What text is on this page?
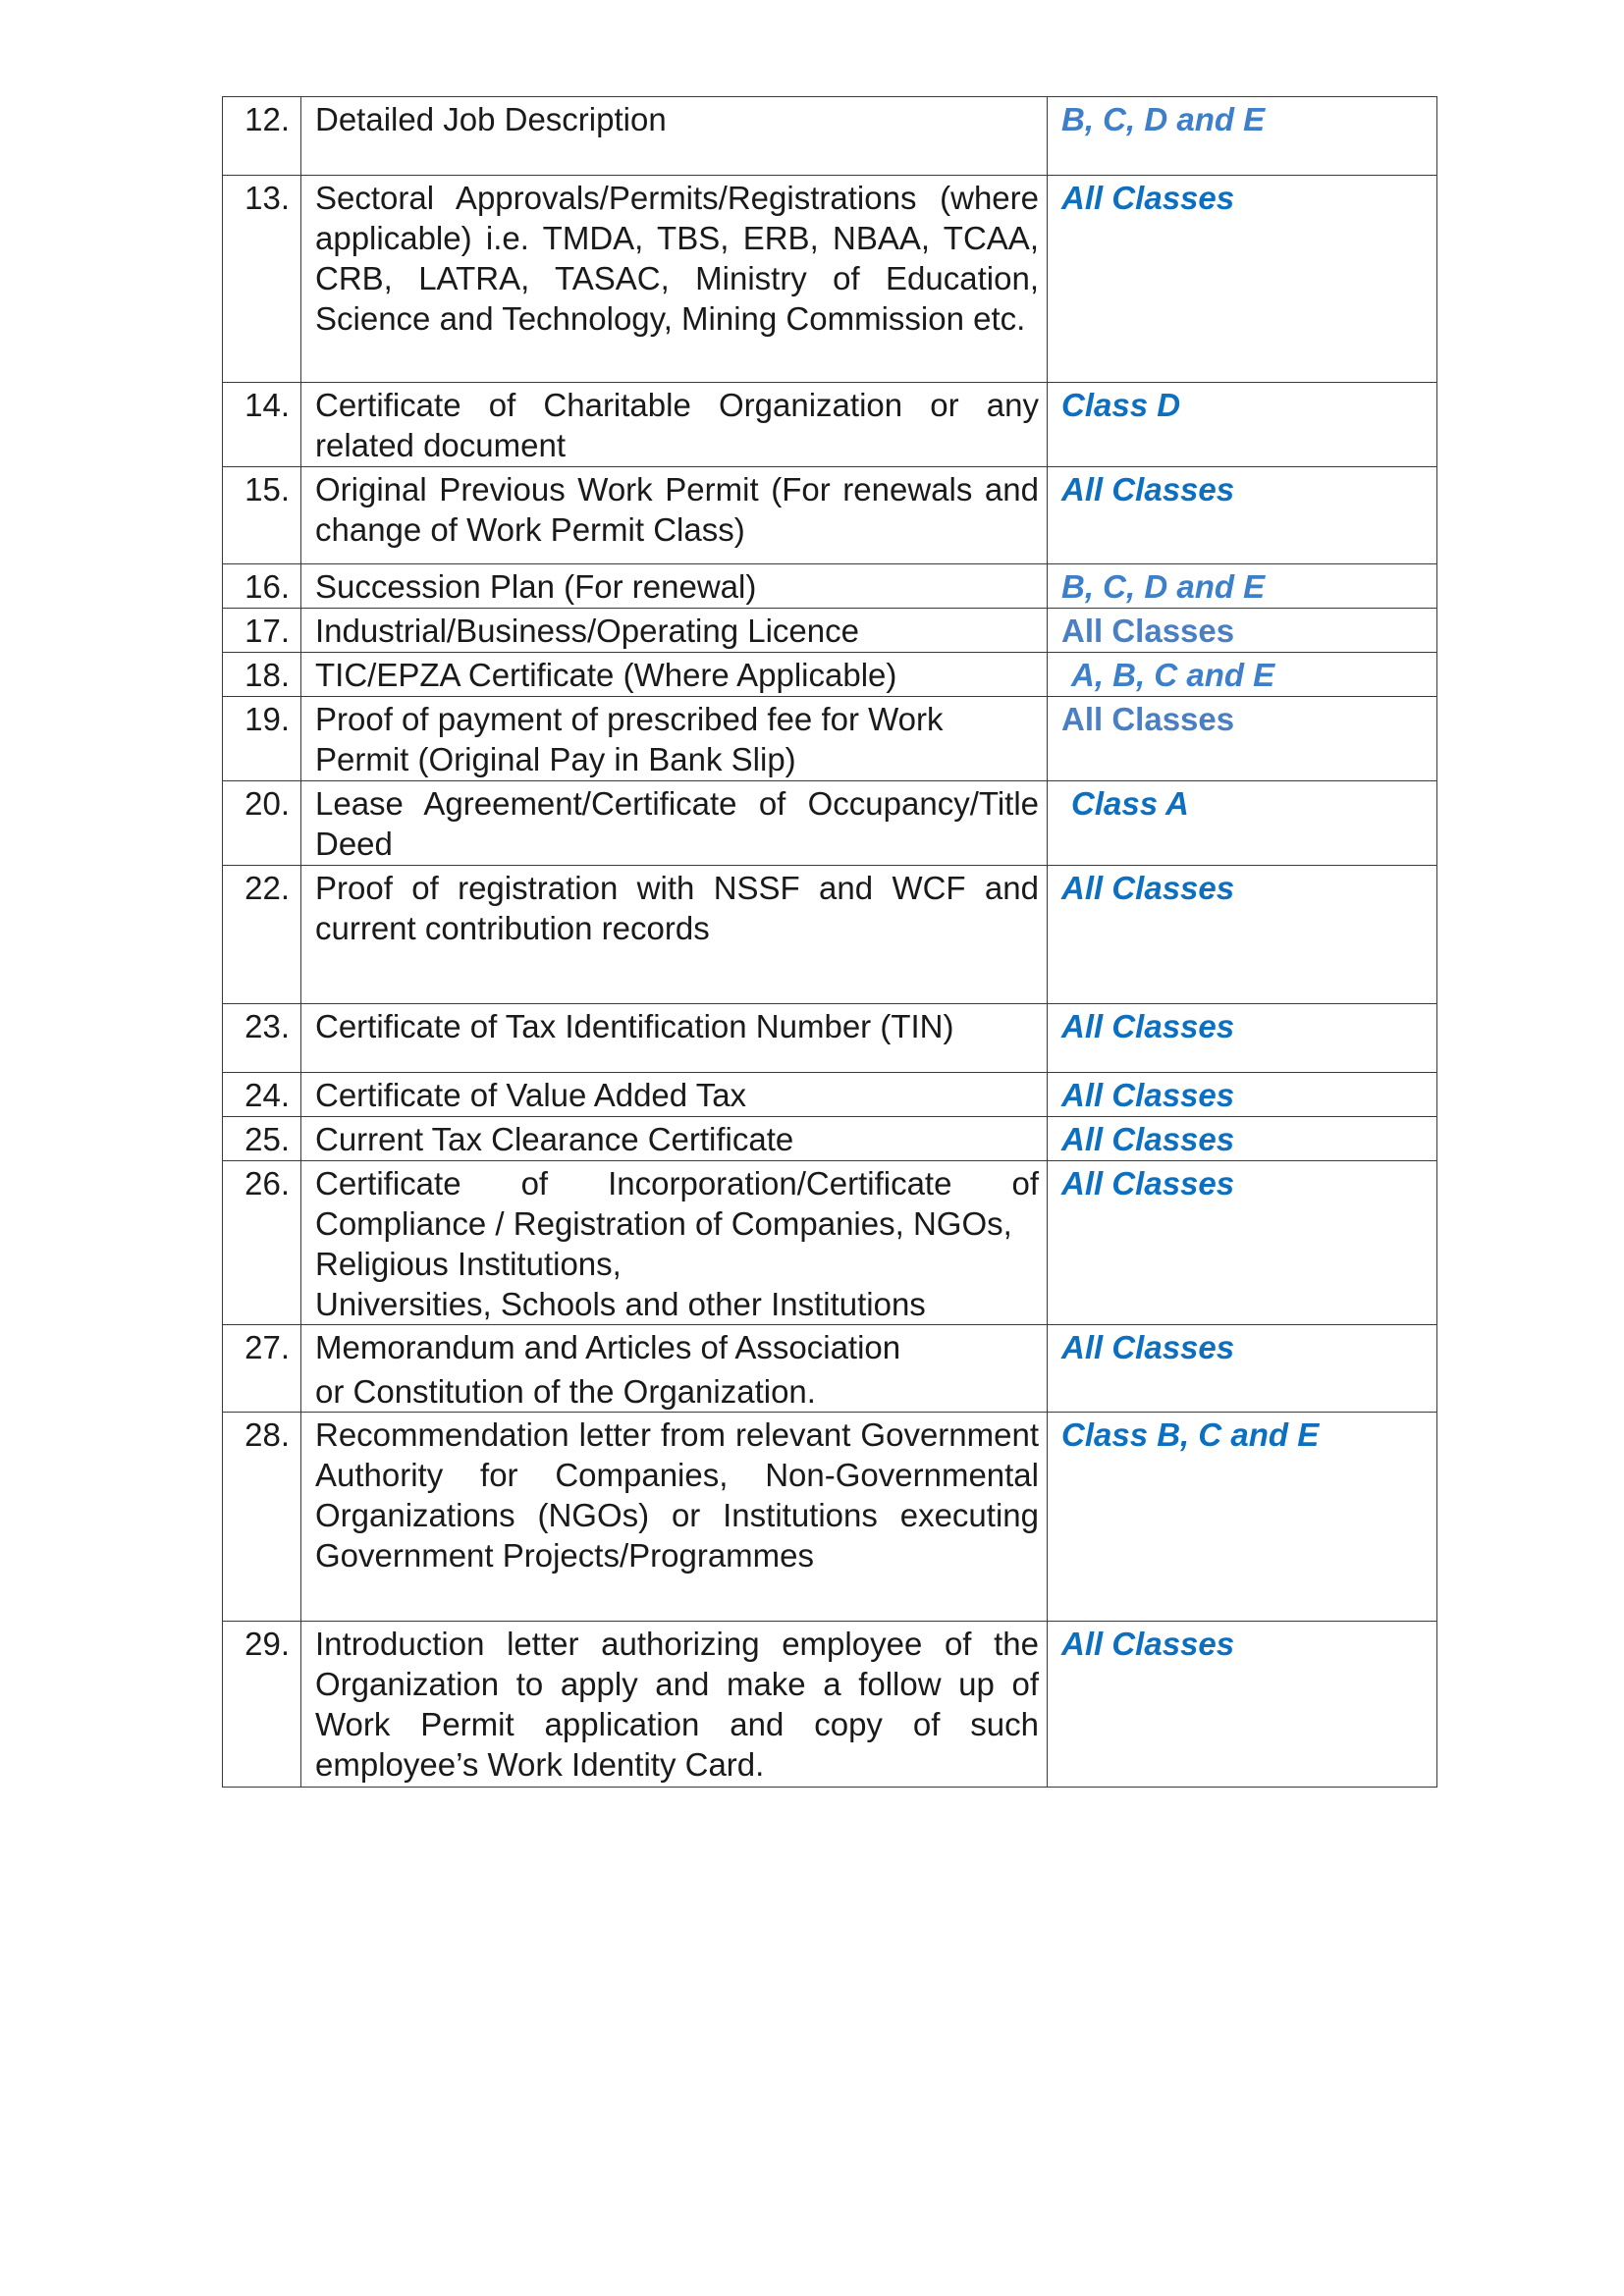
12.	Detailed Job Description	B, C, D and E
13.	Sectoral Approvals/Permits/Registrations (where applicable) i.e. TMDA, TBS, ERB, NBAA, TCAA, CRB, LATRA, TASAC, Ministry of Education, Science and Technology, Mining Commission etc.	All Classes
14.	Certificate of Charitable Organization or any related document	Class D
15.	Original Previous Work Permit (For renewals and change of Work Permit Class)	All Classes
16.	Succession Plan (For renewal)	B, C, D and E
17.	Industrial/Business/Operating Licence	All Classes
18.	TIC/EPZA Certificate (Where Applicable)	A, B, C and E
19.	Proof of payment of prescribed fee for Work Permit (Original Pay in Bank Slip)	All Classes
20.	Lease Agreement/Certificate of Occupancy/Title Deed	Class A
22.	Proof of registration with NSSF and WCF and current contribution records	All Classes
23.	Certificate of Tax Identification Number (TIN)	All Classes
24.	Certificate of Value Added Tax	All Classes
25.	Current Tax Clearance Certificate	All Classes
26.	Certificate of Incorporation/Certificate of Compliance / Registration of Companies, NGOs,
Religious Institutions,
Universities, Schools and other Institutions	All Classes
27.	Memorandum and Articles of Association
or Constitution of the Organization.	All Classes
28.	Recommendation letter from relevant Government Authority for Companies, Non-Governmental Organizations (NGOs) or Institutions executing Government Projects/Programmes	Class B, C and E
29.	Introduction letter authorizing employee of the Organization to apply and make a follow up of Work Permit application and copy of such employee’s Work Identity Card.	All Classes
